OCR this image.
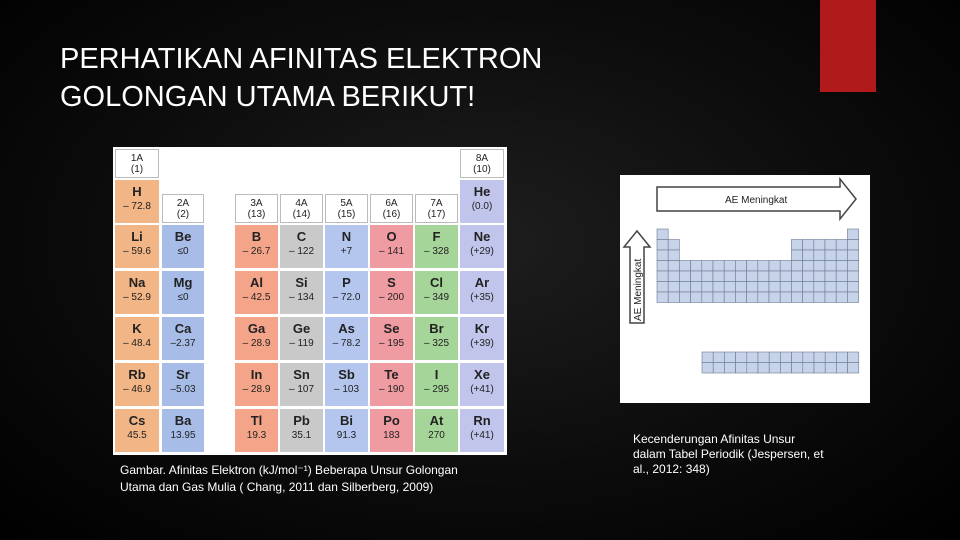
PERHATIKAN AFINITAS ELEKTRON
GOLONGAN UTAMA BERIKUT!
1A
(1)
2A
(2)
3A
(13)
4A
(14)
5A
(15)
6A
(16)
7A
(17)
8A
(10)
H
– 72.8
He
(0.0)
Li
– 59.6
Be
≤0
B
– 26.7
C
– 122
N
+7
O
– 141
F
– 328
Ne
(+29)
Na
– 52.9
Mg
≤0
Al
– 42.5
Si
– 134
P
– 72.0
S
– 200
Cl
– 349
Ar
(+35)
K
– 48.4
Ca
–2.37
Ga
– 28.9
Ge
– 119
As
– 78.2
Se
– 195
Br
– 325
Kr
(+39)
Rb
– 46.9
Sr
–5.03
In
– 28.9
Sn
– 107
Sb
– 103
Te
– 190
I
– 295
Xe
(+41)
Cs
45.5
Ba
13.95
Tl
19.3
Pb
35.1
Bi
91.3
Po
183
At
270
Rn
(+41)
Gambar. Afinitas Elektron (kJ/mol⁻¹) Beberapa Unsur Golongan
Utama dan Gas Mulia ( Chang, 2011 dan Silberberg, 2009)
AE Meningkat
AE Meningkat
Kecenderungan Afinitas Unsur
dalam Tabel Periodik (Jespersen, et
al., 2012: 348)
